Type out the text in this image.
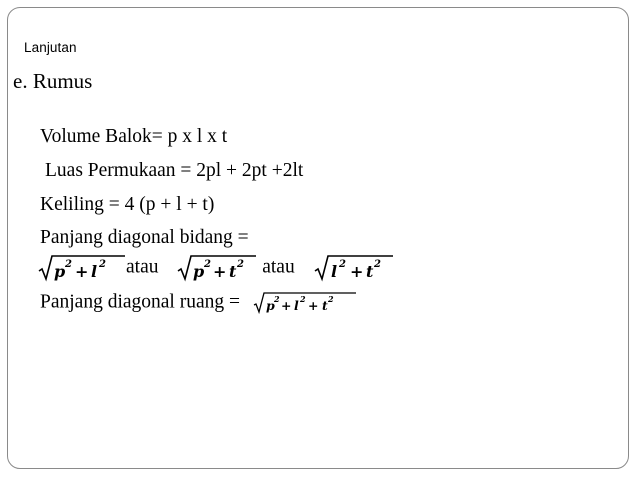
Lanjutan
e. Rumus
Volume Balok= p x l x t
Luas Permukaan = 2pl + 2pt +2lt
Keliling = 4 (p + l + t)
Panjang diagonal bidang =
p 2 + l 2 atau p 2 + t 2 atau l 2 + t 2
Panjang diagonal ruang = p 2 + l 2 + t 2
